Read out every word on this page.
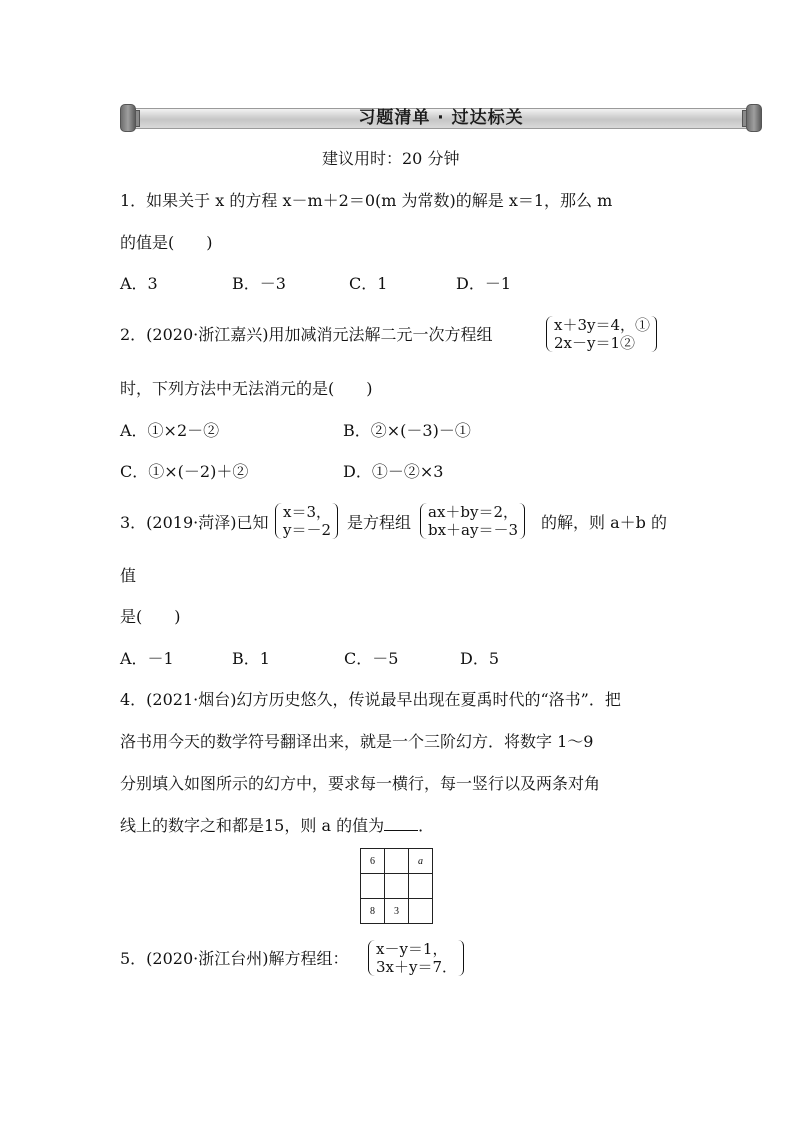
习题清单 · 过达标关
建议用时：20 分钟
1．如果关于 x 的方程 x－m＋2＝0(m 为常数)的解是 x＝1，那么 m
的值是(　　)
A．3	B．－3	C．1	D．－1
2．(2020·浙江嘉兴)用加减消元法解二元一次方程组	x＋3y＝4，①
2x－y＝1②
时，下列方法中无法消元的是(　　)
A．①×2－②	B．②×(－3)－①
C．①×(－2)＋②	D．①－②×3
3．(2019·菏泽)已知
x＝3，
y＝－2 是方程组
ax＋by＝2，
bx＋ay＝－3 的解，则 a＋b 的
值
是(　　)
A．－1	B．1	C．－5	D．5
4．(2021·烟台)幻方历史悠久，传说最早出现在夏禹时代的“洛书”．把
洛书用今天的数学符号翻译出来，就是一个三阶幻方．将数字 1～9
分别填入如图所示的幻方中，要求每一横行，每一竖行以及两条对角
线上的数字之和都是15，则 a 的值为 ．
6		a

8	3	
5．(2020·浙江台州)解方程组： x－y＝1，
3x＋y＝7．
